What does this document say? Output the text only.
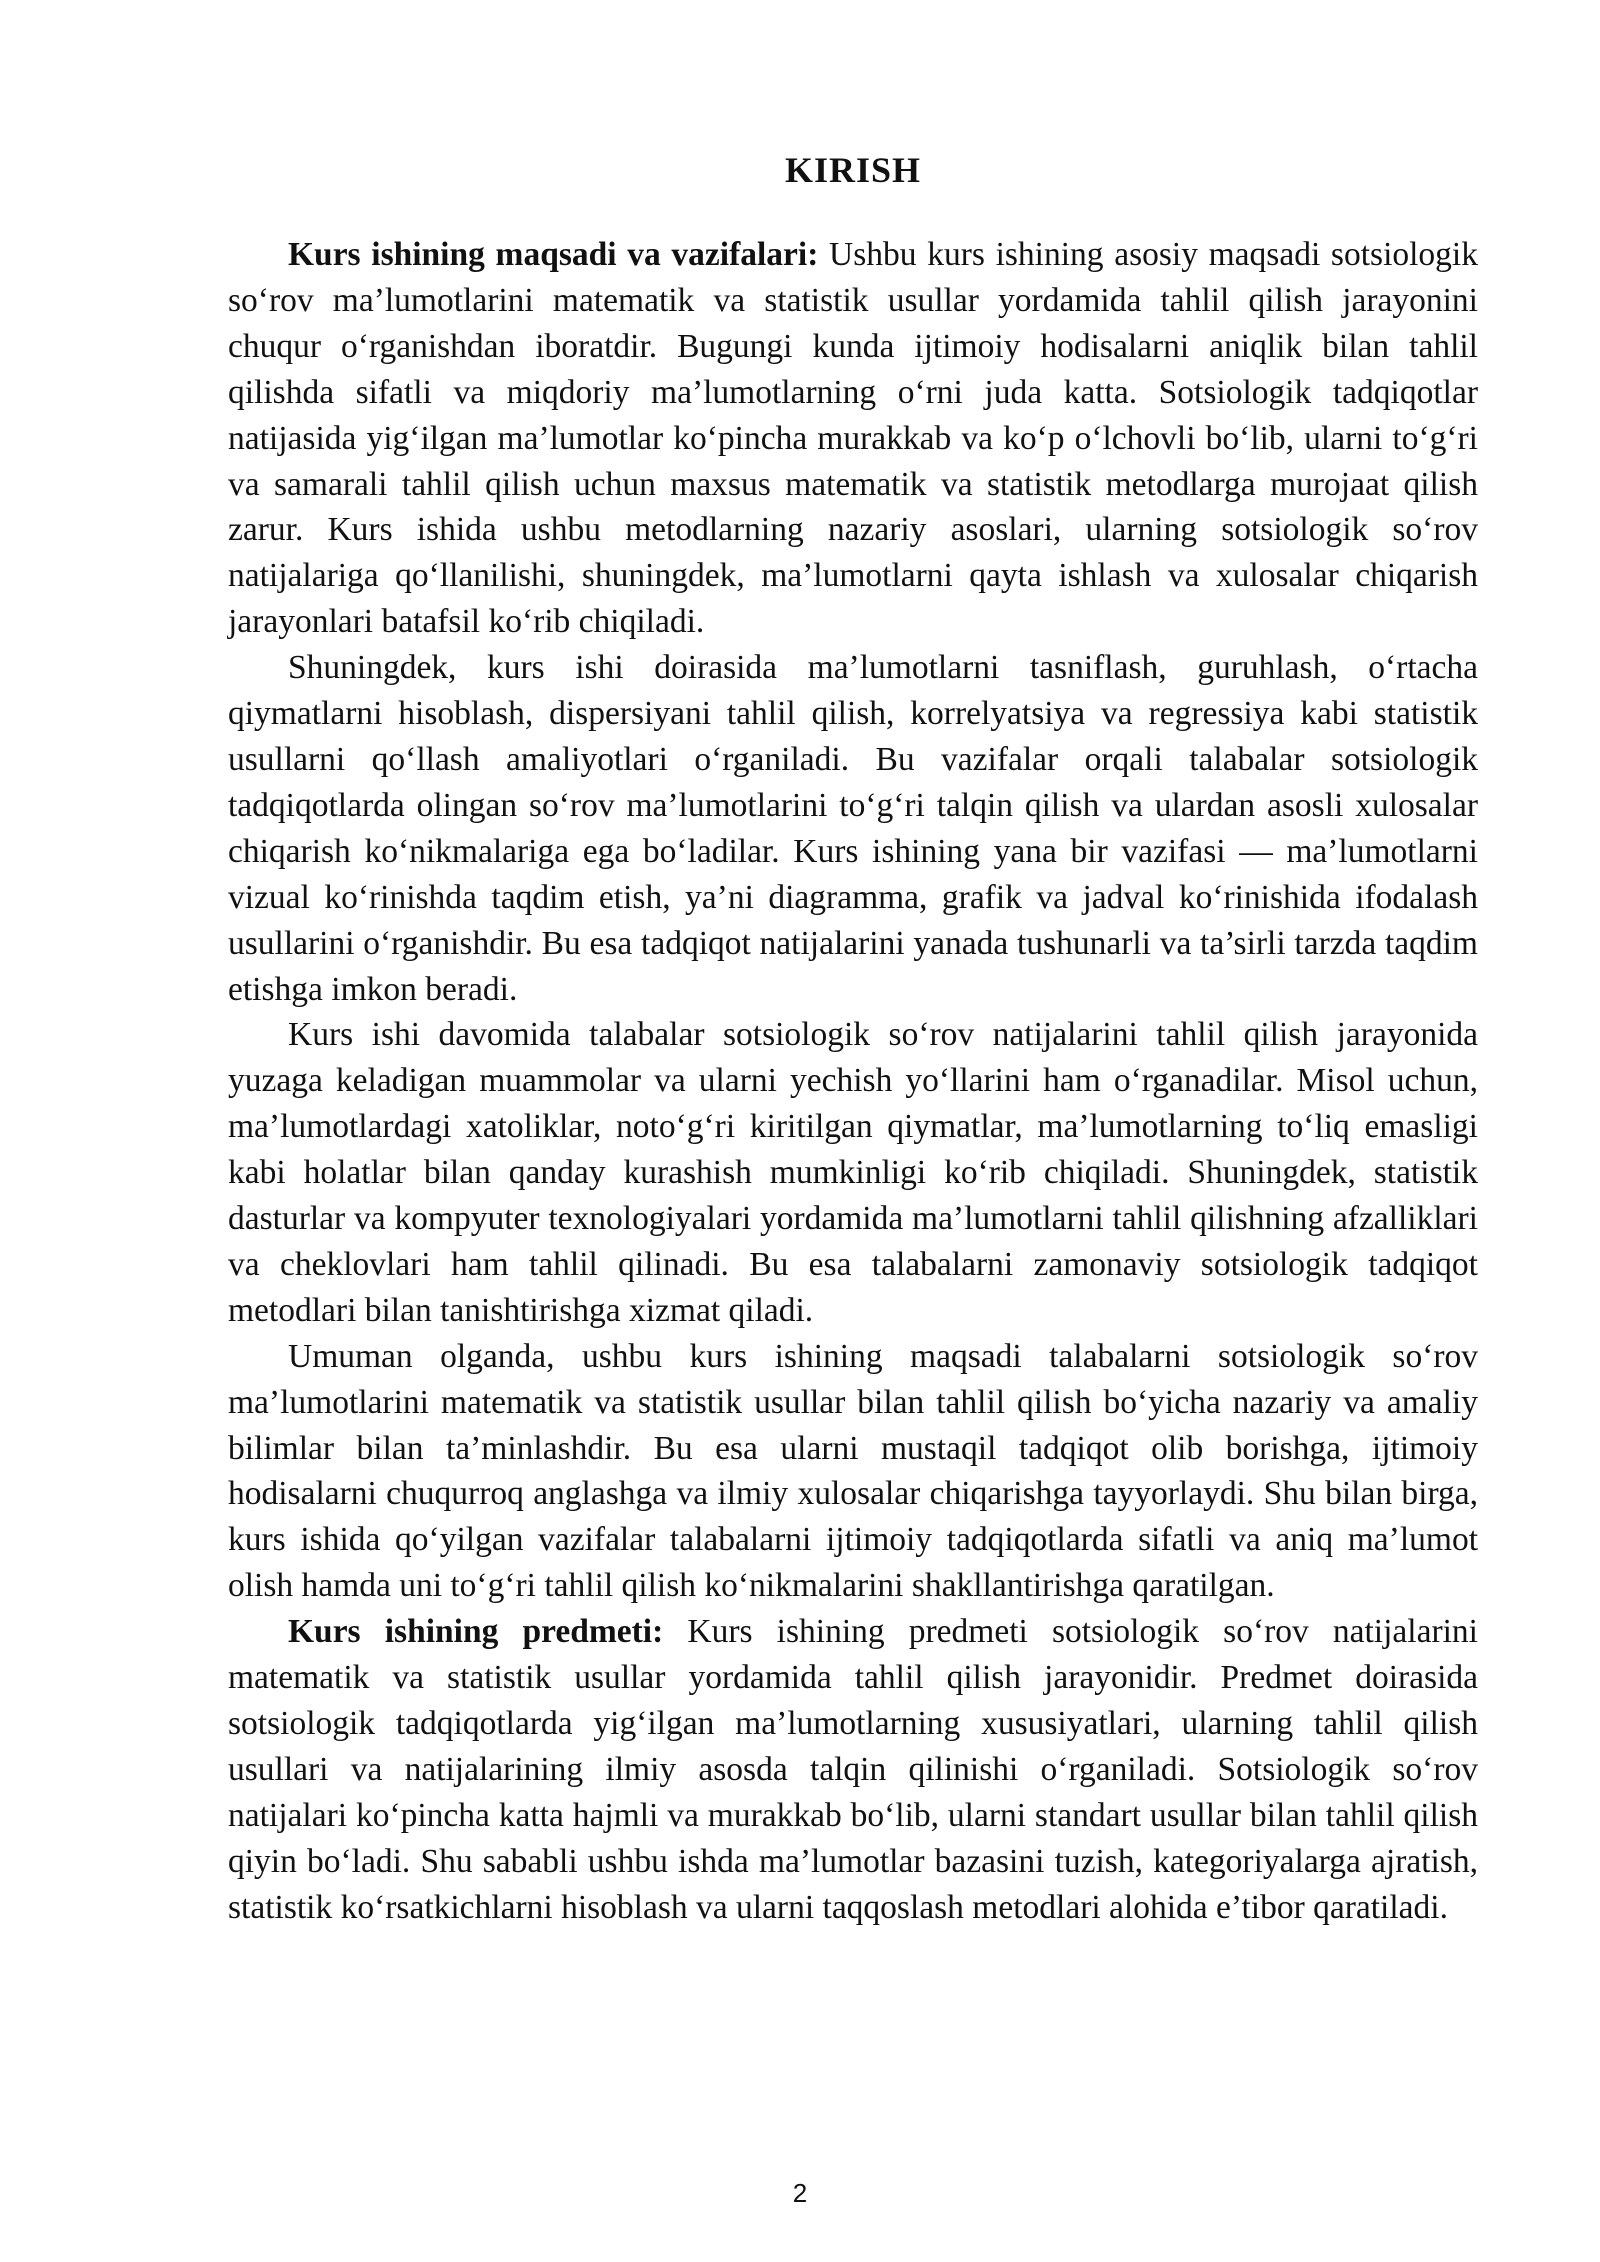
KIRISH

Kurs ishining maqsadi va vazifalari: Ushbu kurs ishining asosiy maqsadi sotsiologik so‘rov ma’lumotlarini matematik va statistik usullar yordamida tahlil qilish jarayonini chuqur o‘rganishdan iboratdir. Bugungi kunda ijtimoiy hodisalarni aniqlik bilan tahlil qilishda sifatli va miqdoriy ma’lumotlarning o‘rni juda katta. Sotsiologik tadqiqotlar natijasida yig‘ilgan ma’lumotlar ko‘pincha murakkab va ko‘p o‘lchovli bo‘lib, ularni to‘g‘ri va samarali tahlil qilish uchun maxsus matematik va statistik metodlarga murojaat qilish zarur. Kurs ishida ushbu metodlarning nazariy asoslari, ularning sotsiologik so‘rov natijalariga qo‘llanilishi, shuningdek, ma’lumotlarni qayta ishlash va xulosalar chiqarish jarayonlari batafsil ko‘rib chiqiladi.

Shuningdek, kurs ishi doirasida ma’lumotlarni tasniflash, guruhlash, o‘rtacha qiymatlarni hisoblash, dispersiyani tahlil qilish, korrelyatsiya va regressiya kabi statistik usullarni qo‘llash amaliyotlari o‘rganiladi. Bu vazifalar orqali talabalar sotsiologik tadqiqotlarda olingan so‘rov ma’lumotlarini to‘g‘ri talqin qilish va ulardan asosli xulosalar chiqarish ko‘nikmalariga ega bo‘ladilar. Kurs ishining yana bir vazifasi — ma’lumotlarni vizual ko‘rinishda taqdim etish, ya’ni diagramma, grafik va jadval ko‘rinishida ifodalash usullarini o‘rganishdir. Bu esa tadqiqot natijalarini yanada tushunarli va ta’sirli tarzda taqdim etishga imkon beradi.

Kurs ishi davomida talabalar sotsiologik so‘rov natijalarini tahlil qilish jarayonida yuzaga keladigan muammolar va ularni yechish yo‘llarini ham o‘rganadilar. Misol uchun, ma’lumotlardagi xatoliklar, noto‘g‘ri kiritilgan qiymatlar, ma’lumotlarning to‘liq emasligi kabi holatlar bilan qanday kurashish mumkinligi ko‘rib chiqiladi. Shuningdek, statistik dasturlar va kompyuter texnologiyalari yordamida ma’lumotlarni tahlil qilishning afzalliklari va cheklovlari ham tahlil qilinadi. Bu esa talabalarni zamonaviy sotsiologik tadqiqot metodlari bilan tanishtirishga xizmat qiladi.

Umuman olganda, ushbu kurs ishining maqsadi talabalarni sotsiologik so‘rov ma’lumotlarini matematik va statistik usullar bilan tahlil qilish bo‘yicha nazariy va amaliy bilimlar bilan ta’minlashdir. Bu esa ularni mustaqil tadqiqot olib borishga, ijtimoiy hodisalarni chuqurroq anglashga va ilmiy xulosalar chiqarishga tayyorlaydi. Shu bilan birga, kurs ishida qo‘yilgan vazifalar talabalarni ijtimoiy tadqiqotlarda sifatli va aniq ma’lumot olish hamda uni to‘g‘ri tahlil qilish ko‘nikmalarini shakllantirishga qaratilgan.

Kurs ishining predmeti: Kurs ishining predmeti sotsiologik so‘rov natijalarini matematik va statistik usullar yordamida tahlil qilish jarayonidir. Predmet doirasida sotsiologik tadqiqotlarda yig‘ilgan ma’lumotlarning xususiyatlari, ularning tahlil qilish usullari va natijalarining ilmiy asosda talqin qilinishi o‘rganiladi. Sotsiologik so‘rov natijalari ko‘pincha katta hajmli va murakkab bo‘lib, ularni standart usullar bilan tahlil qilish qiyin bo‘ladi. Shu sababli ushbu ishda ma’lumotlar bazasini tuzish, kategoriyalarga ajratish, statistik ko‘rsatkichlarni hisoblash va ularni taqqoslash metodlari alohida e’tibor qaratiladi.

2
